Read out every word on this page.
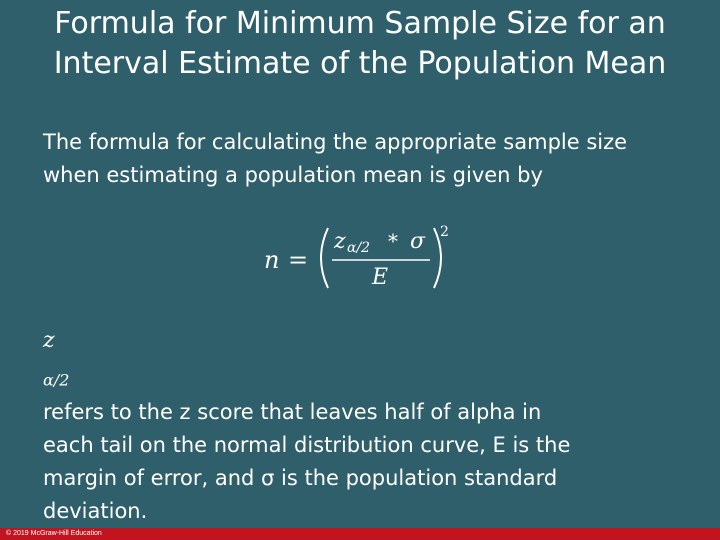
Formula for Minimum Sample Size for an
Interval Estimate of the Population Mean
The formula for calculating the appropriate sample size
when estimating a population mean is given by
n =
z α/2 * σ
E
2
z
$_{\alpha/2}$
refers to the z score that leaves half of alpha in
each tail on the normal distribution curve, E is the
margin of error, and σ is the population standard
deviation.
© 2019 McGraw-Hill Education
